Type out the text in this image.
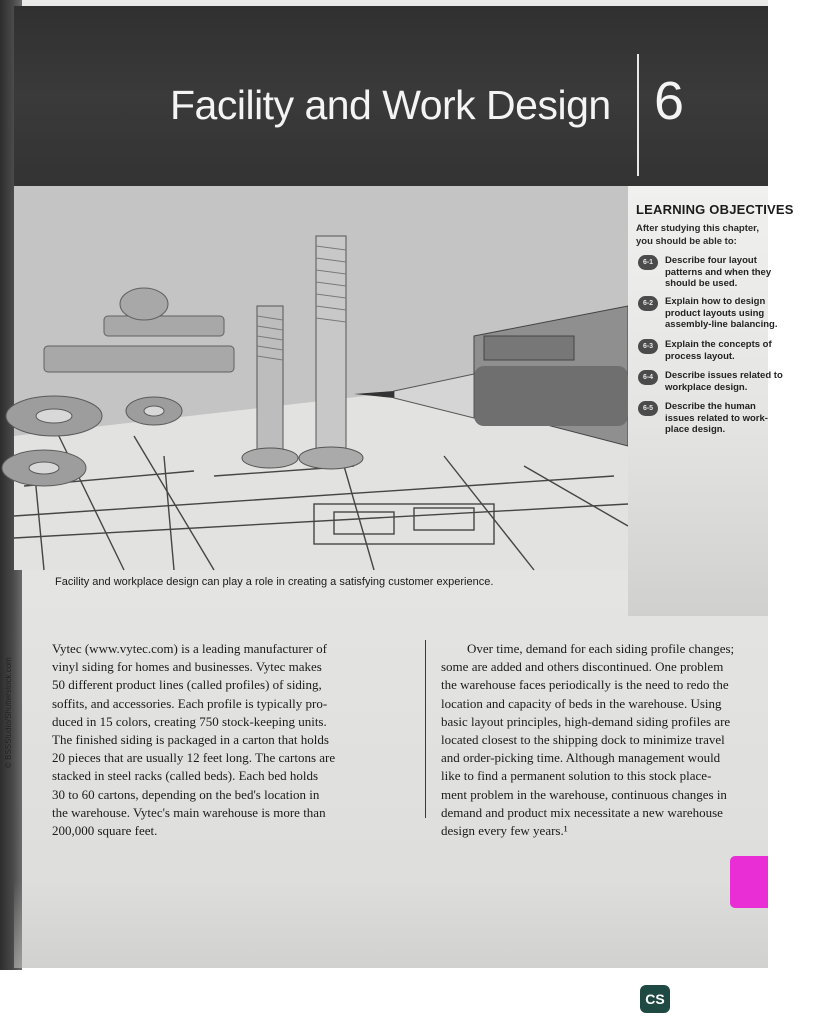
Facility and Work Design 6
LEARNING OBJECTIVES
After studying this chapter,
you should be able to:
6-1	Describe four layout
patterns and when they
should be used.
6-2	Explain how to design
product layouts using
assembly-line balancing.
6-3	Explain the concepts of
process layout.
6-4	Describe issues related to
workplace design.
6-5	Describe the human
issues related to work-
place design.
Facility and workplace design can play a role in creating a satisfying customer experience.
Vytec (www.vytec.com) is a leading manufacturer of
vinyl siding for homes and businesses. Vytec makes
50 different product lines (called profiles) of siding,
soffits, and accessories. Each profile is typically pro-
duced in 15 colors, creating 750 stock-keeping units.
The finished siding is packaged in a carton that holds
20 pieces that are usually 12 feet long. The cartons are
stacked in steel racks (called beds). Each bed holds
30 to 60 cartons, depending on the bed's location in
the warehouse. Vytec's main warehouse is more than
200,000 square feet.
Over time, demand for each siding profile changes;
some are added and others discontinued. One problem
the warehouse faces periodically is the need to redo the
location and capacity of beds in the warehouse. Using
basic layout principles, high-demand siding profiles are
located closest to the shipping dock to minimize travel
and order-picking time. Although management would
like to find a permanent solution to this stock place-
ment problem in the warehouse, continuous changes in
demand and product mix necessitate a new warehouse
design every few years.¹
CS
